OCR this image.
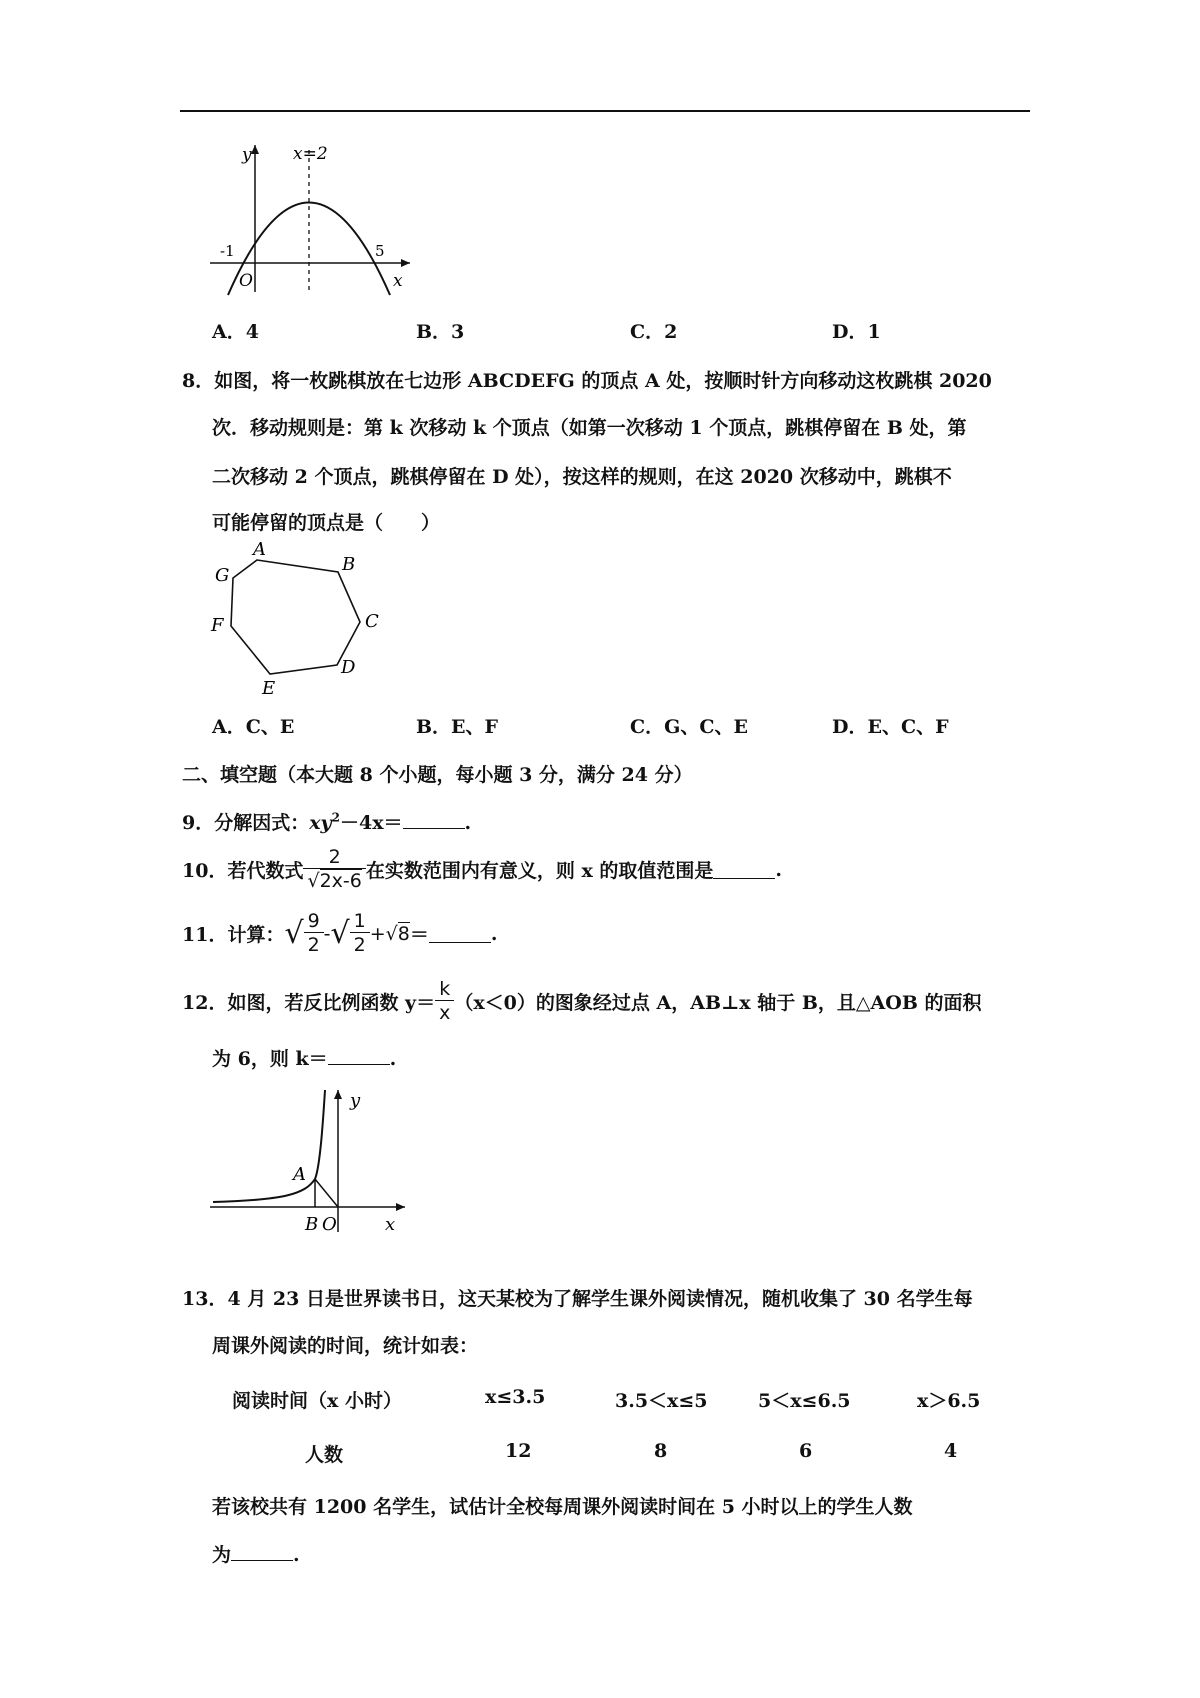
y
x
x=2
-1
O
5
A．4	B．3	C．2	D．1
8．如图，将一枚跳棋放在七边形 ABCDEFG 的顶点 A 处，按顺时针方向移动这枚跳棋 2020
次．移动规则是：第 k 次移动 k 个顶点（如第一次移动 1 个顶点，跳棋停留在 B 处，第
二次移动 2 个顶点，跳棋停留在 D 处），按这样的规则，在这 2020 次移动中，跳棋不
可能停留的顶点是（　　）
A
B
C
D
E
F
G
A．C、E	B．E、F	C．G、C、E	D．E、C、F
二、填空题（本大题 8 个小题，每小题 3 分，满分 24 分）
9．分解因式：$xy^2-4x=$	.
10．若代数式 $\frac{2}{√2x-6}$ 在实数范围内有意义，则 x 的取值范围是	.
11．计算： √ $\frac{9}{2}$ - √ $\frac{1}{2}$ + √ 8 ＝	.
12．如图，若反比例函数 $y= \frac{k}{x} (x<0)$的图象经过点 A，AB⊥x 轴于 B，且△AOB 的面积
为 6，则 k＝	.
y
x
A
B O
13．4 月 23 日是世界读书日，这天某校为了解学生课外阅读情况，随机收集了 30 名学生每
周课外阅读的时间，统计如表：
阅读时间（x 小时）	x≤3.5	3.5＜x≤5	5＜x≤6.5	x＞6.5
人数	12	8	6	4
若该校共有 1200 名学生，试估计全校每周课外阅读时间在 5 小时以上的学生人数
为	.
